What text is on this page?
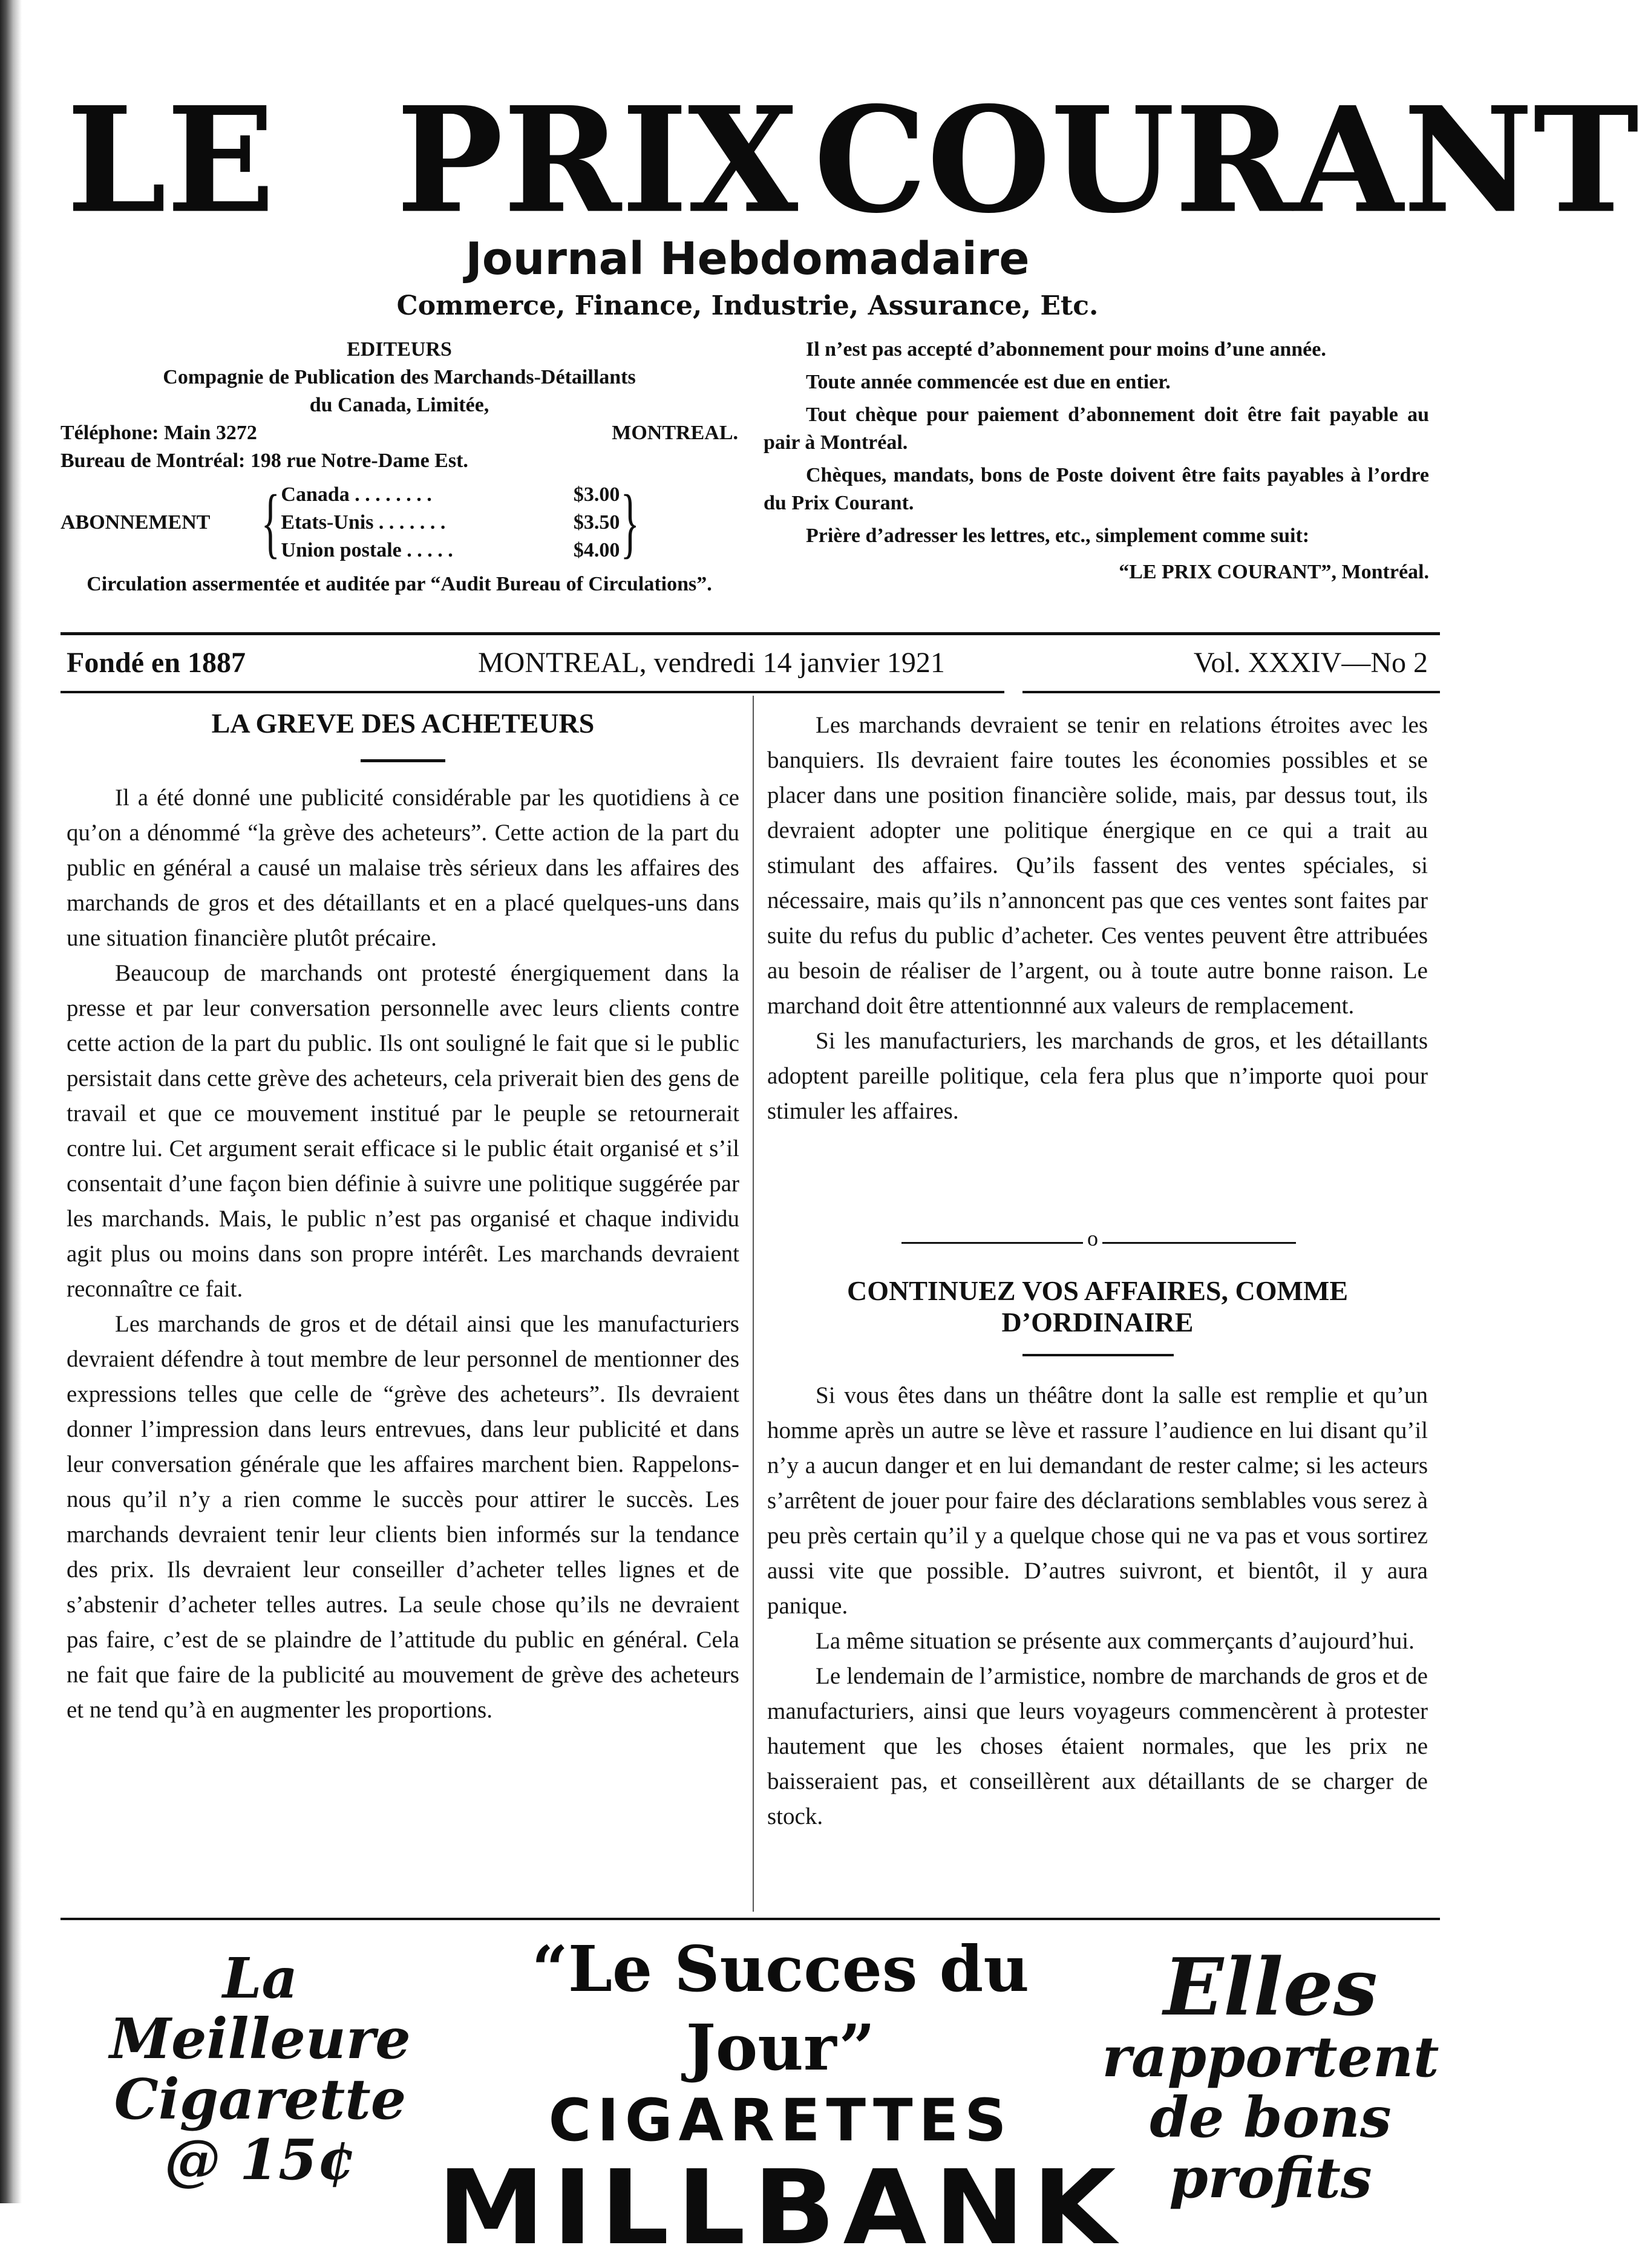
LE PRIX COURANT
Journal Hebdomadaire
Commerce, Finance, Industrie, Assurance, Etc.
EDITEURS
Compagnie de Publication des Marchands-Détaillants
du Canada, Limitée,
Téléphone: Main 3272	MONTREAL.
Bureau de Montréal: 198 rue Notre-Dame Est.
ABONNEMENT { Canada . . . . . . . .	$3.00
Etats-Unis . . . . . . .	$3.50
Union postale . . . . .	$4.00 }
Circulation assermentée et auditée par “Audit Bureau of Circulations”.

Il n’est pas accepté d’abonnement pour moins d’une année.

Toute année commencée est due en entier.

Tout chèque pour paiement d’abonnement doit être fait payable au pair à Montréal.

Chèques, mandats, bons de Poste doivent être faits payables à l’ordre du Prix Courant.

Prière d’adresser les lettres, etc., simplement comme suit:

“LE PRIX COURANT”, Montréal.
Fondé en 1887	MONTREAL, vendredi 14 janvier 1921	Vol. XXXIV—No 2
LA GREVE DES ACHETEURS

Il a été donné une publicité considérable par les quotidiens à ce qu’on a dénommé “la grève des acheteurs”. Cette action de la part du public en général a causé un malaise très sérieux dans les affaires des marchands de gros et des détaillants et en a placé quelques-uns dans une situation financière plutôt précaire.

Beaucoup de marchands ont protesté énergiquement dans la presse et par leur conversation personnelle avec leurs clients contre cette action de la part du public. Ils ont souligné le fait que si le public persistait dans cette grève des acheteurs, cela priverait bien des gens de travail et que ce mouvement institué par le peuple se retournerait contre lui. Cet argument serait efficace si le public était organisé et s’il consentait d’une façon bien définie à suivre une politique suggérée par les marchands. Mais, le public n’est pas organisé et chaque individu agit plus ou moins dans son propre intérêt. Les marchands devraient reconnaître ce fait.

Les marchands de gros et de détail ainsi que les manufacturiers devraient défendre à tout membre de leur personnel de mentionner des expressions telles que celle de “grève des acheteurs”. Ils devraient donner l’impression dans leurs entrevues, dans leur publicité et dans leur conversation générale que les affaires marchent bien. Rappelons-nous qu’il n’y a rien comme le succès pour attirer le succès. Les marchands devraient tenir leur clients bien informés sur la tendance des prix. Ils devraient leur conseiller d’acheter telles lignes et de s’abstenir d’acheter telles autres. La seule chose qu’ils ne devraient pas faire, c’est de se plaindre de l’attitude du public en général. Cela ne fait que faire de la publicité au mouvement de grève des acheteurs et ne tend qu’à en augmenter les proportions.

Les marchands devraient se tenir en relations étroites avec les banquiers. Ils devraient faire toutes les économies possibles et se placer dans une position financière solide, mais, par dessus tout, ils devraient adopter une politique énergique en ce qui a trait au stimulant des affaires. Qu’ils fassent des ventes spéciales, si nécessaire, mais qu’ils n’annoncent pas que ces ventes sont faites par suite du refus du public d’acheter. Ces ventes peuvent être attribuées au besoin de réaliser de l’argent, ou à toute autre bonne raison. Le marchand doit être attentionnné aux valeurs de remplacement.

Si les manufacturiers, les marchands de gros, et les détaillants adoptent pareille politique, cela fera plus que n’importe quoi pour stimuler les affaires.

o
CONTINUEZ VOS AFFAIRES, COMME
D’ORDINAIRE

Si vous êtes dans un théâtre dont la salle est remplie et qu’un homme après un autre se lève et rassure l’audience en lui disant qu’il n’y a aucun danger et en lui demandant de rester calme; si les acteurs s’arrêtent de jouer pour faire des déclarations semblables vous serez à peu près certain qu’il y a quelque chose qui ne va pas et vous sortirez aussi vite que possible. D’autres suivront, et bientôt, il y aura panique.

La même situation se présente aux commerçants d’aujourd’hui.

Le lendemain de l’armistice, nombre de marchands de gros et de manufacturiers, ainsi que leurs voyageurs commencèrent à protester hautement que les choses étaient normales, que les prix ne baisseraient pas, et conseillèrent aux détaillants de se charger de stock.

La Meilleure
Cigarette
@ 15¢
“Le Succes du Jour”
CIGARETTES
MILLBANK
Elles
rapportent
de bons profits
